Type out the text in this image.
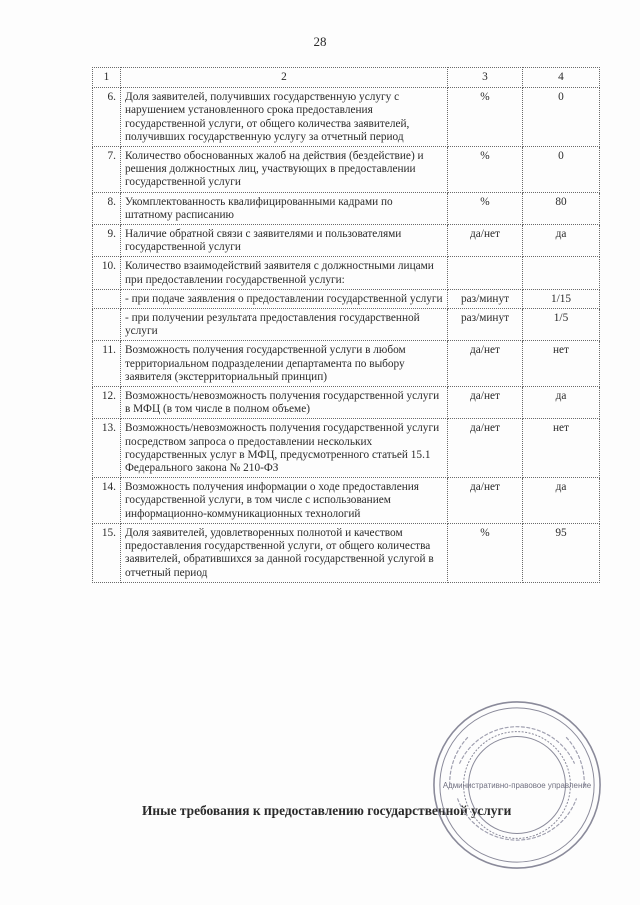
28
1	2	3	4
6.	Доля заявителей, получивших государственную услугу с нарушением установленного срока предоставления государственной услуги, от общего количества заявителей, получивших государственную услугу за отчетный период	%	0
7.	Количество обоснованных жалоб на действия (бездействие) и решения должностных лиц, участвующих в предоставлении государственной услуги	%	0
8.	Укомплектованность квалифицированными кадрами по штатному расписанию	%	80
9.	Наличие обратной связи с заявителями и пользователями государственной услуги	да/нет	да
10.	Количество взаимодействий заявителя с должностными лицами при предоставлении государственной услуги:		
	- при подаче заявления о предоставлении государственной услуги	раз/минут	1/15
	- при получении результата предоставления государственной услуги	раз/минут	1/5
11.	Возможность получения государственной услуги в любом территориальном подразделении департамента по выбору заявителя (экстерриториальный принцип)	да/нет	нет
12.	Возможность/невозможность получения государственной услуги в МФЦ (в том числе в полном объеме)	да/нет	да
13.	Возможность/невозможность получения государственной услуги посредством запроса о предоставлении нескольких государственных услуг в МФЦ, предусмотренного статьей 15.1 Федерального закона № 210-ФЗ	да/нет	нет
14.	Возможность получения информации о ходе предоставления государственной услуги, в том числе с использованием информационно-коммуникационных технологий	да/нет	да
15.	Доля заявителей, удовлетворенных полнотой и качеством предоставления государственной услуги, от общего количества заявителей, обратившихся за данной государственной услугой в отчетный период	%	95
Иные требования к предоставлению государственной услуги
Административно-правовое управление
